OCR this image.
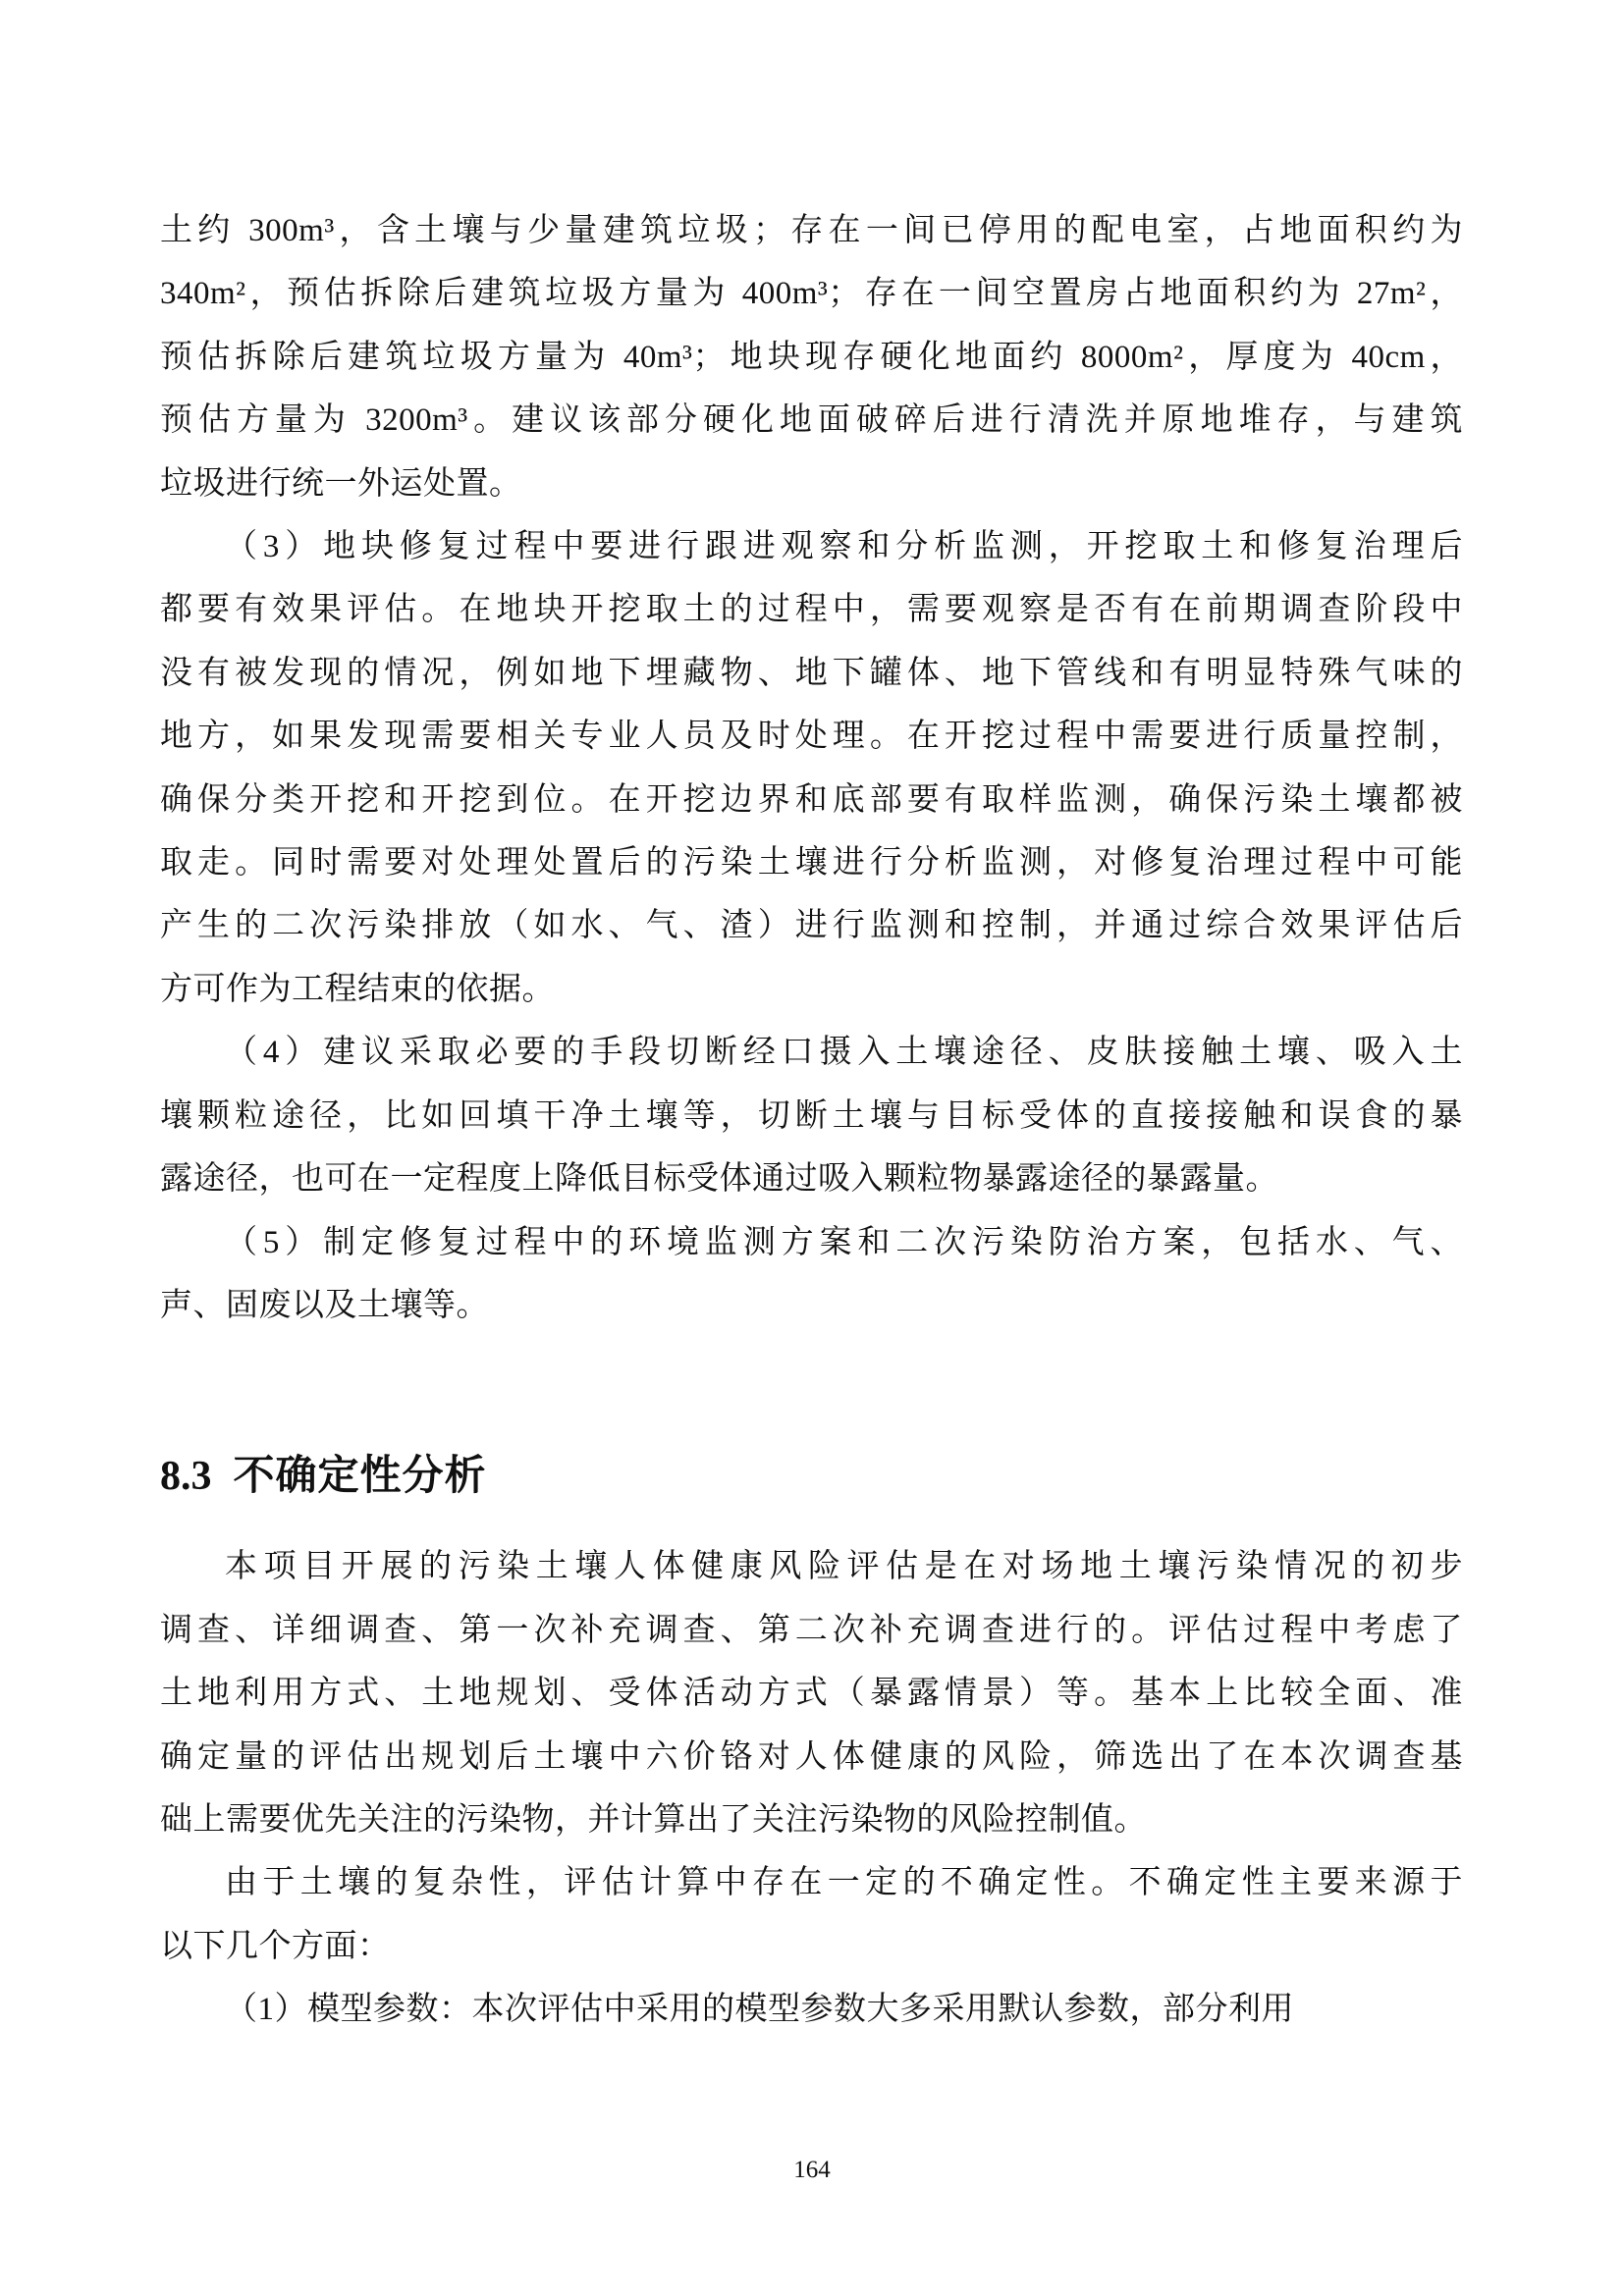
土约 300m³，含土壤与少量建筑垃圾；存在一间已停用的配电室，占地面积约为
340m²，预估拆除后建筑垃圾方量为 400m³；存在一间空置房占地面积约为 27m²，
预估拆除后建筑垃圾方量为 40m³；地块现存硬化地面约 8000m²，厚度为 40cm，
预估方量为 3200m³。建议该部分硬化地面破碎后进行清洗并原地堆存，与建筑
垃圾进行统一外运处置。
（3）地块修复过程中要进行跟进观察和分析监测，开挖取土和修复治理后
都要有效果评估。在地块开挖取土的过程中，需要观察是否有在前期调查阶段中
没有被发现的情况，例如地下埋藏物、地下罐体、地下管线和有明显特殊气味的
地方，如果发现需要相关专业人员及时处理。在开挖过程中需要进行质量控制，
确保分类开挖和开挖到位。在开挖边界和底部要有取样监测，确保污染土壤都被
取走。同时需要对处理处置后的污染土壤进行分析监测，对修复治理过程中可能
产生的二次污染排放（如水、气、渣）进行监测和控制，并通过综合效果评估后
方可作为工程结束的依据。
（4）建议采取必要的手段切断经口摄入土壤途径、皮肤接触土壤、吸入土
壤颗粒途径，比如回填干净土壤等，切断土壤与目标受体的直接接触和误食的暴
露途径，也可在一定程度上降低目标受体通过吸入颗粒物暴露途径的暴露量。
（5）制定修复过程中的环境监测方案和二次污染防治方案，包括水、气、
声、固废以及土壤等。
8.3 不确定性分析
本项目开展的污染土壤人体健康风险评估是在对场地土壤污染情况的初步
调查、详细调查、第一次补充调查、第二次补充调查进行的。评估过程中考虑了
土地利用方式、土地规划、受体活动方式（暴露情景）等。基本上比较全面、准
确定量的评估出规划后土壤中六价铬对人体健康的风险，筛选出了在本次调查基
础上需要优先关注的污染物，并计算出了关注污染物的风险控制值。
由于土壤的复杂性，评估计算中存在一定的不确定性。不确定性主要来源于
以下几个方面：
（1）模型参数：本次评估中采用的模型参数大多采用默认参数，部分利用
164
